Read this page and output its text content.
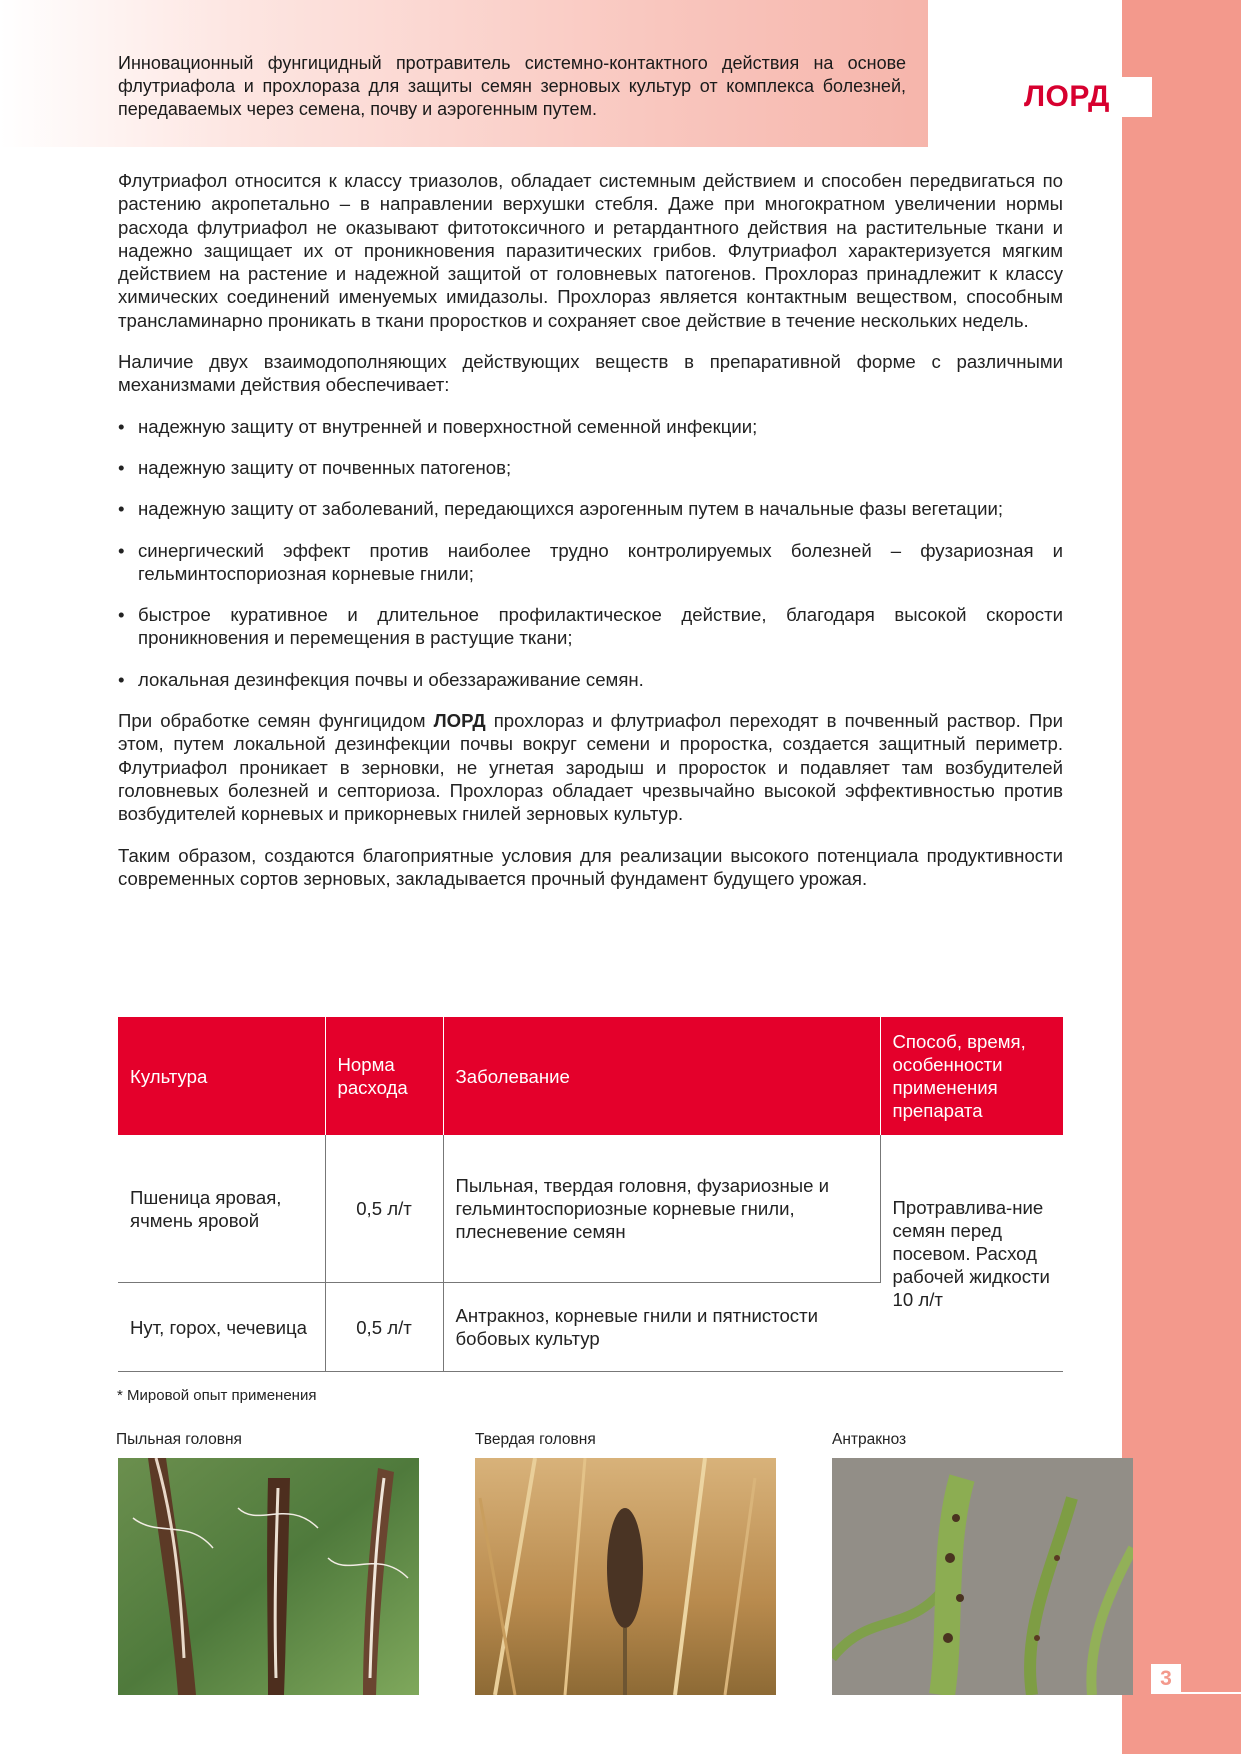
Инновационный фунгицидный протравитель системно-контактного действия на основе флутриафола и прохлораза для защиты семян зерновых культур от комплекса болезней, передаваемых через семена, почву и аэрогенным путем.	ЛОРД

Флутриафол относится к классу триазолов, обладает системным действием и способен передвигаться по растению акропетально – в направлении верхушки стебля. Даже при многократном увеличении нормы расхода флутриафол не оказывают фитотоксичного и ретардантного действия на растительные ткани и надежно защищает их от проникновения паразитических грибов. Флутриафол характеризуется мягким действием на растение и надежной защитой от головневых патогенов. Прохлораз принадлежит к классу химических соединений именуемых имидазолы. Прохлораз является контактным веществом, способным трансламинарно проникать в ткани проростков и сохраняет свое действие в течение нескольких недель.

Наличие двух взаимодополняющих действующих веществ в препаративной форме с различными механизмами действия обеспечивает:

• надежную защиту от внутренней и поверхностной семенной инфекции;
• надежную защиту от почвенных патогенов;
• надежную защиту от заболеваний, передающихся аэрогенным путем в начальные фазы вегетации;
• синергический эффект против наиболее трудно контролируемых болезней – фузариозная и гельминтоспориозная корневые гнили;
• быстрое куративное и длительное профилактическое действие, благодаря высокой скорости проникновения и перемещения в растущие ткани;
• локальная дезинфекция почвы и обеззараживание семян.

При обработке семян фунгицидом ЛОРД прохлораз и флутриафол переходят в почвенный раствор. При этом, путем локальной дезинфекции почвы вокруг семени и проростка, создается защитный периметр. Флутриафол проникает в зерновки, не угнетая зародыш и проросток и подавляет там возбудителей головневых болезней и септориоза. Прохлораз обладает чрезвычайно высокой эффективностью против возбудителей корневых и прикорневых гнилей зерновых культур.

Таким образом, создаются благоприятные условия для реализации высокого потенциала продуктивности современных сортов зерновых, закладывается прочный фундамент будущего урожая.

Культура	Норма расхода	Заболевание	Способ, время, особенности применения препарата
Пшеница яровая, ячмень яровой	0,5 л/т	Пыльная, твердая головня, фузариозные и гельминтоспориозные корневые гнили, плесневение семян	Протравлива-ние семян перед посевом. Расход рабочей жидкости 10 л/т
Нут, горох, чечевица	0,5 л/т	Антракноз, корневые гнили и пятнистости бобовых культур	
* Мировой опыт применения
Пыльная головня	Твердая головня	Антракноз
3
